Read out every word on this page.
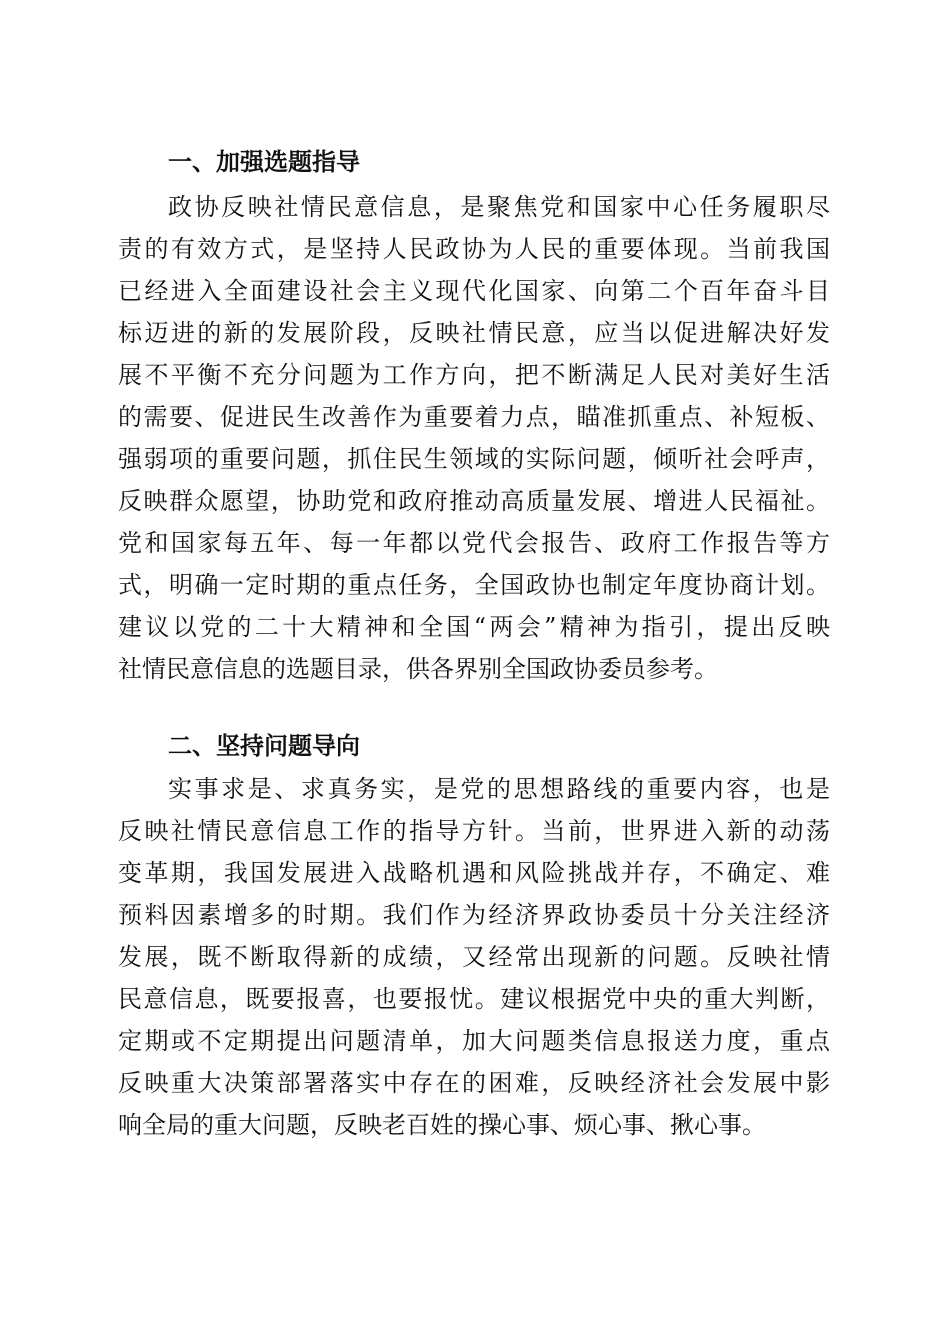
一、加强选题指导
政协反映社情民意信息，是聚焦党和国家中心任务履职尽
责的有效方式，是坚持人民政协为人民的重要体现。当前我国
已经进入全面建设社会主义现代化国家、向第二个百年奋斗目
标迈进的新的发展阶段，反映社情民意，应当以促进解决好发
展不平衡不充分问题为工作方向，把不断满足人民对美好生活
的需要、促进民生改善作为重要着力点，瞄准抓重点、补短板、
强弱项的重要问题，抓住民生领域的实际问题，倾听社会呼声，
反映群众愿望，协助党和政府推动高质量发展、增进人民福祉。
党和国家每五年、每一年都以党代会报告、政府工作报告等方
式，明确一定时期的重点任务，全国政协也制定年度协商计划。
建议以党的二十大精神和全国“两会”精神为指引，提出反映
社情民意信息的选题目录，供各界别全国政协委员参考。
二、坚持问题导向
实事求是、求真务实，是党的思想路线的重要内容，也是
反映社情民意信息工作的指导方针。当前，世界进入新的动荡
变革期，我国发展进入战略机遇和风险挑战并存，不确定、难
预料因素增多的时期。我们作为经济界政协委员十分关注经济
发展，既不断取得新的成绩，又经常出现新的问题。反映社情
民意信息，既要报喜，也要报忧。建议根据党中央的重大判断，
定期或不定期提出问题清单，加大问题类信息报送力度，重点
反映重大决策部署落实中存在的困难，反映经济社会发展中影
响全局的重大问题，反映老百姓的操心事、烦心事、揪心事。
